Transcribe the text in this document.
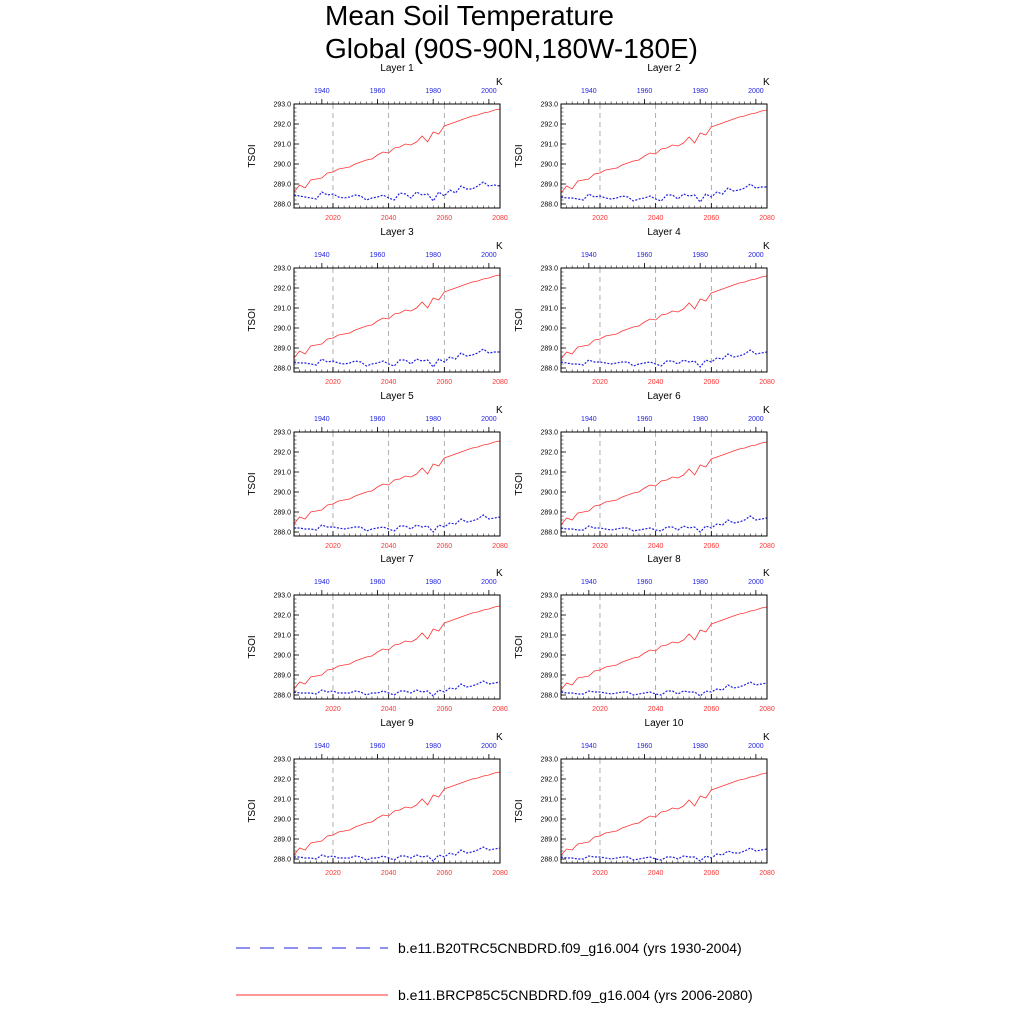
Mean Soil Temperature
Global (90S-90N,180W-180E)
Layer 1
K
TSOI
288.0
289.0
290.0
291.0
292.0
293.0
2020	2040	2060	2080
1940	1960	1980	2000
Layer 2
K
TSOI
288.0
289.0
290.0
291.0
292.0
293.0
2020	2040	2060	2080
1940	1960	1980	2000
Layer 3
K
TSOI
288.0
289.0
290.0
291.0
292.0
293.0
2020	2040	2060	2080
1940	1960	1980	2000
Layer 4
K
TSOI
288.0
289.0
290.0
291.0
292.0
293.0
2020	2040	2060	2080
1940	1960	1980	2000
Layer 5
K
TSOI
288.0
289.0
290.0
291.0
292.0
293.0
2020	2040	2060	2080
1940	1960	1980	2000
Layer 6
K
TSOI
288.0
289.0
290.0
291.0
292.0
293.0
2020	2040	2060	2080
1940	1960	1980	2000
Layer 7
K
TSOI
288.0
289.0
290.0
291.0
292.0
293.0
2020	2040	2060	2080
1940	1960	1980	2000
Layer 8
K
TSOI
288.0
289.0
290.0
291.0
292.0
293.0
2020	2040	2060	2080
1940	1960	1980	2000
Layer 9
K
TSOI
288.0
289.0
290.0
291.0
292.0
293.0
2020	2040	2060	2080
1940	1960	1980	2000
Layer 10
K
TSOI
288.0
289.0
290.0
291.0
292.0
293.0
2020	2040	2060	2080
1940	1960	1980	2000
b.e11.B20TRC5CNBDRD.f09_g16.004 (yrs 1930-2004)
b.e11.BRCP85C5CNBDRD.f09_g16.004 (yrs 2006-2080)
